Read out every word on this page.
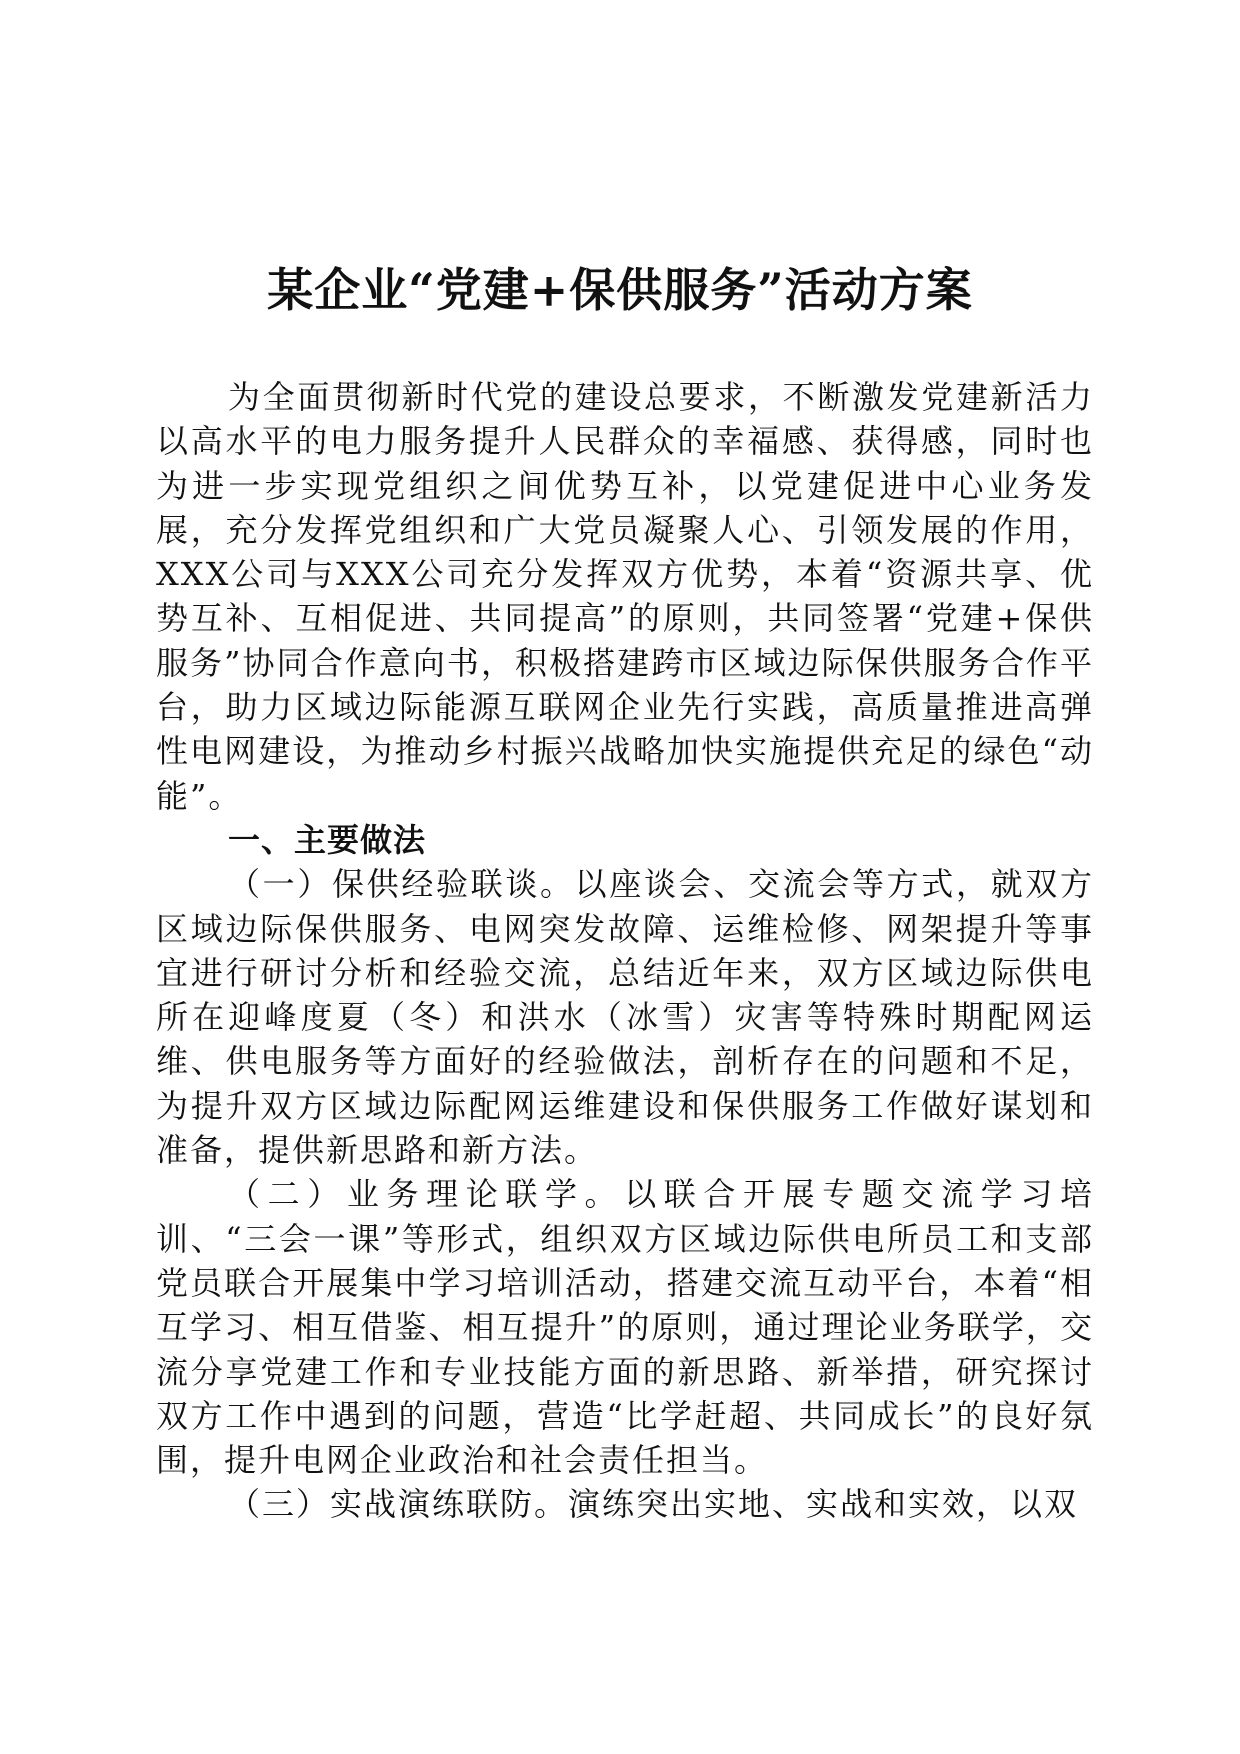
某企业“党建+保供服务”活动方案

为全面贯彻新时代党的建设总要求，不断激发党建新活力以高水平的电力服务提升人民群众的幸福感、获得感，同时也为进一步实现党组织之间优势互补，以党建促进中心业务发展，充分发挥党组织和广大党员凝聚人心、引领发展的作用，XXX公司与XXX公司充分发挥双方优势，本着“资源共享、优势互补、互相促进、共同提高”的原则，共同签署“党建+保供服务”协同合作意向书，积极搭建跨市区域边际保供服务合作平台，助力区域边际能源互联网企业先行实践，高质量推进高弹性电网建设，为推动乡村振兴战略加快实施提供充足的绿色“动能”。

一、主要做法

（一）保供经验联谈。以座谈会、交流会等方式，就双方区域边际保供服务、电网突发故障、运维检修、网架提升等事宜进行研讨分析和经验交流，总结近年来，双方区域边际供电所在迎峰度夏（冬）和洪水（冰雪）灾害等特殊时期配网运维、供电服务等方面好的经验做法，剖析存在的问题和不足，为提升双方区域边际配网运维建设和保供服务工作做好谋划和准备，提供新思路和新方法。

（二）业务理论联学。以联合开展专题交流学习培训、“三会一课”等形式，组织双方区域边际供电所员工和支部党员联合开展集中学习培训活动，搭建交流互动平台，本着“相互学习、相互借鉴、相互提升”的原则，通过理论业务联学，交流分享党建工作和专业技能方面的新思路、新举措，研究探讨双方工作中遇到的问题，营造“比学赶超、共同成长”的良好氛围，提升电网企业政治和社会责任担当。

（三）实战演练联防。演练突出实地、实战和实效，以双
